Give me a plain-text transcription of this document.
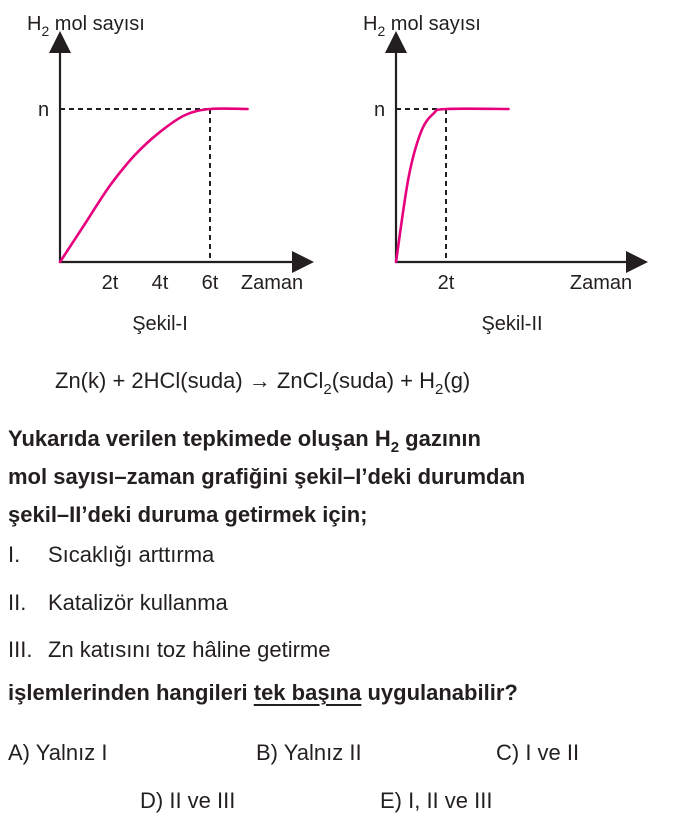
$H_2$ mol sayısı
n
2t 4t 6t Zaman
Şekil-I
$H_2$ mol sayısı
n
2t	Zaman
Şekil-II
Zn(k) + 2HCl(suda) → ZnCl$_2$(suda) + $H_2(g)$
Yukarıda verilen tepkimede oluşan $H_2$ gazının
mol sayısı–zaman grafiğini şekil–I’deki durumdan
şekil–II’deki duruma getirmek için;
I. Sıcaklığı arttırma
II. Katalizör kullanma
III. Zn katısını toz hâline getirme
işlemlerinden hangileri tek başına uygulanabilir?
A) Yalnız I	B) Yalnız II	C) I ve II
D) II ve III	E) I, II ve III
